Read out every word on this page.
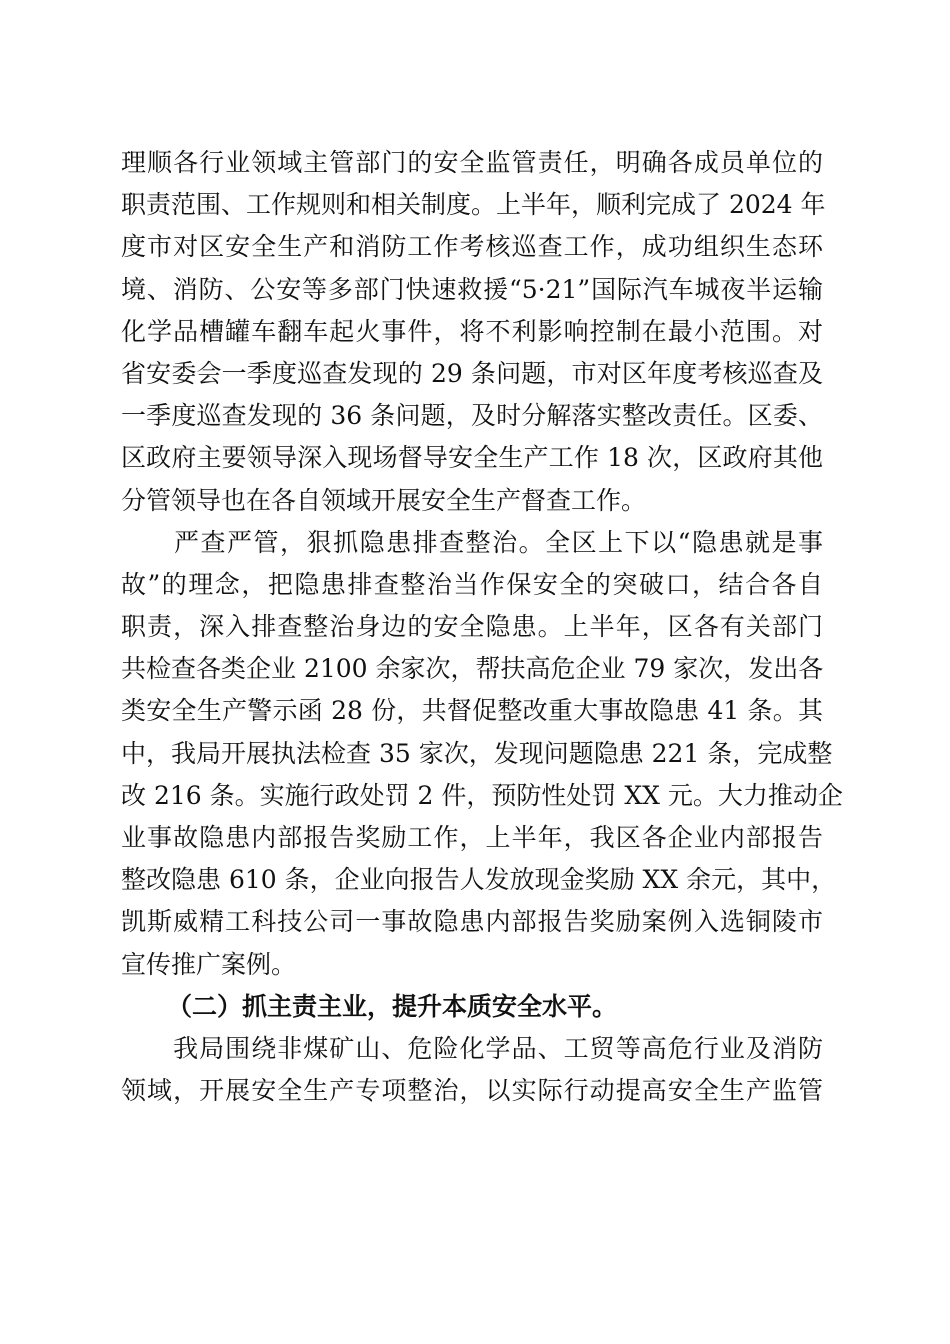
理顺各行业领域主管部门的安全监管责任，明确各成员单位的
职责范围、工作规则和相关制度。上半年，顺利完成了 2024 年
度市对区安全生产和消防工作考核巡查工作，成功组织生态环
境、消防、公安等多部门快速救援“5·21”国际汽车城夜半运输
化学品槽罐车翻车起火事件，将不利影响控制在最小范围。对
省安委会一季度巡查发现的 29 条问题，市对区年度考核巡查及
一季度巡查发现的 36 条问题，及时分解落实整改责任。区委、
区政府主要领导深入现场督导安全生产工作 18 次，区政府其他
分管领导也在各自领域开展安全生产督查工作。
　　严查严管，狠抓隐患排查整治。全区上下以“隐患就是事
故”的理念，把隐患排查整治当作保安全的突破口，结合各自
职责，深入排查整治身边的安全隐患。上半年，区各有关部门
共检查各类企业 2100 余家次，帮扶高危企业 79 家次，发出各
类安全生产警示函 28 份，共督促整改重大事故隐患 41 条。其
中，我局开展执法检查 35 家次，发现问题隐患 221 条，完成整
改 216 条。实施行政处罚 2 件，预防性处罚 XX 元。大力推动企
业事故隐患内部报告奖励工作，上半年，我区各企业内部报告
整改隐患 610 条，企业向报告人发放现金奖励 XX 余元，其中，
凯斯威精工科技公司一事故隐患内部报告奖励案例入选铜陵市
宣传推广案例。
（二）抓主责主业，提升本质安全水平。
　　我局围绕非煤矿山、危险化学品、工贸等高危行业及消防
领域，开展安全生产专项整治，以实际行动提高安全生产监管
